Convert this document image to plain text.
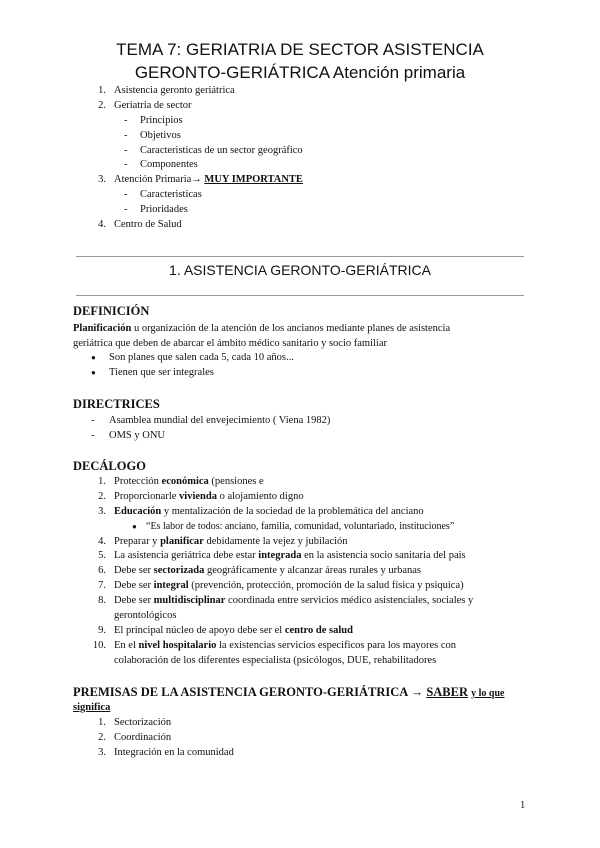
TEMA 7: GERIATRIA DE SECTOR ASISTENCIA
GERONTO-GERIÁTRICA Atención primaria
1. Asistencia geronto geriátrica
2. Geriatria de sector
- Principios
- Objetivos
- Caracteristicas de un sector geográfico
- Componentes
3. Atención Primaria→ MUY IMPORTANTE
- Caracteristicas
- Prioridades
4. Centro de Salud
1. ASISTENCIA GERONTO-GERIÁTRICA
DEFINICIÓN
Planificación u organización de la atención de los ancianos mediante planes de asistencia
geriátrica que deben de abarcar el ámbito médico sanitario y socio familiar
● Son planes que salen cada 5, cada 10 años...
● Tienen que ser integrales
DIRECTRICES
- Asamblea mundial del envejecimiento ( Viena 1982)
- OMS y ONU
DECÁLOGO
1. Protección económica (pensiones e
2. Proporcionarle vivienda o alojamiento digno
3. Educación y mentalización de la sociedad de la problemática del anciano
● “Es labor de todos: anciano, familia, comunidad, voluntariado, instituciones”
4. Preparar y planificar debidamente la vejez y jubilación
5. La asistencia geriátrica debe estar integrada en la asistencia socio sanitaria del pais
6. Debe ser sectorizada geográficamente y alcanzar áreas rurales y urbanas
7. Debe ser integral (prevención, protección, promoción de la salud física y psiquica)
8. Debe ser multidisciplinar coordinada entre servicios médico asistenciales, sociales y
gerontológicos
9. El principal núcleo de apoyo debe ser el centro de salud
10. En el nivel hospitalario la existencias servicios especificos para los mayores con
colaboración de los diferentes especialista (psicólogos, DUE, rehabilitadores
PREMISAS DE LA ASISTENCIA GERONTO-GERIÁTRICA → SABER y lo que
significa
1. Sectorización
2. Coordinación
3. Integración en la comunidad
1
